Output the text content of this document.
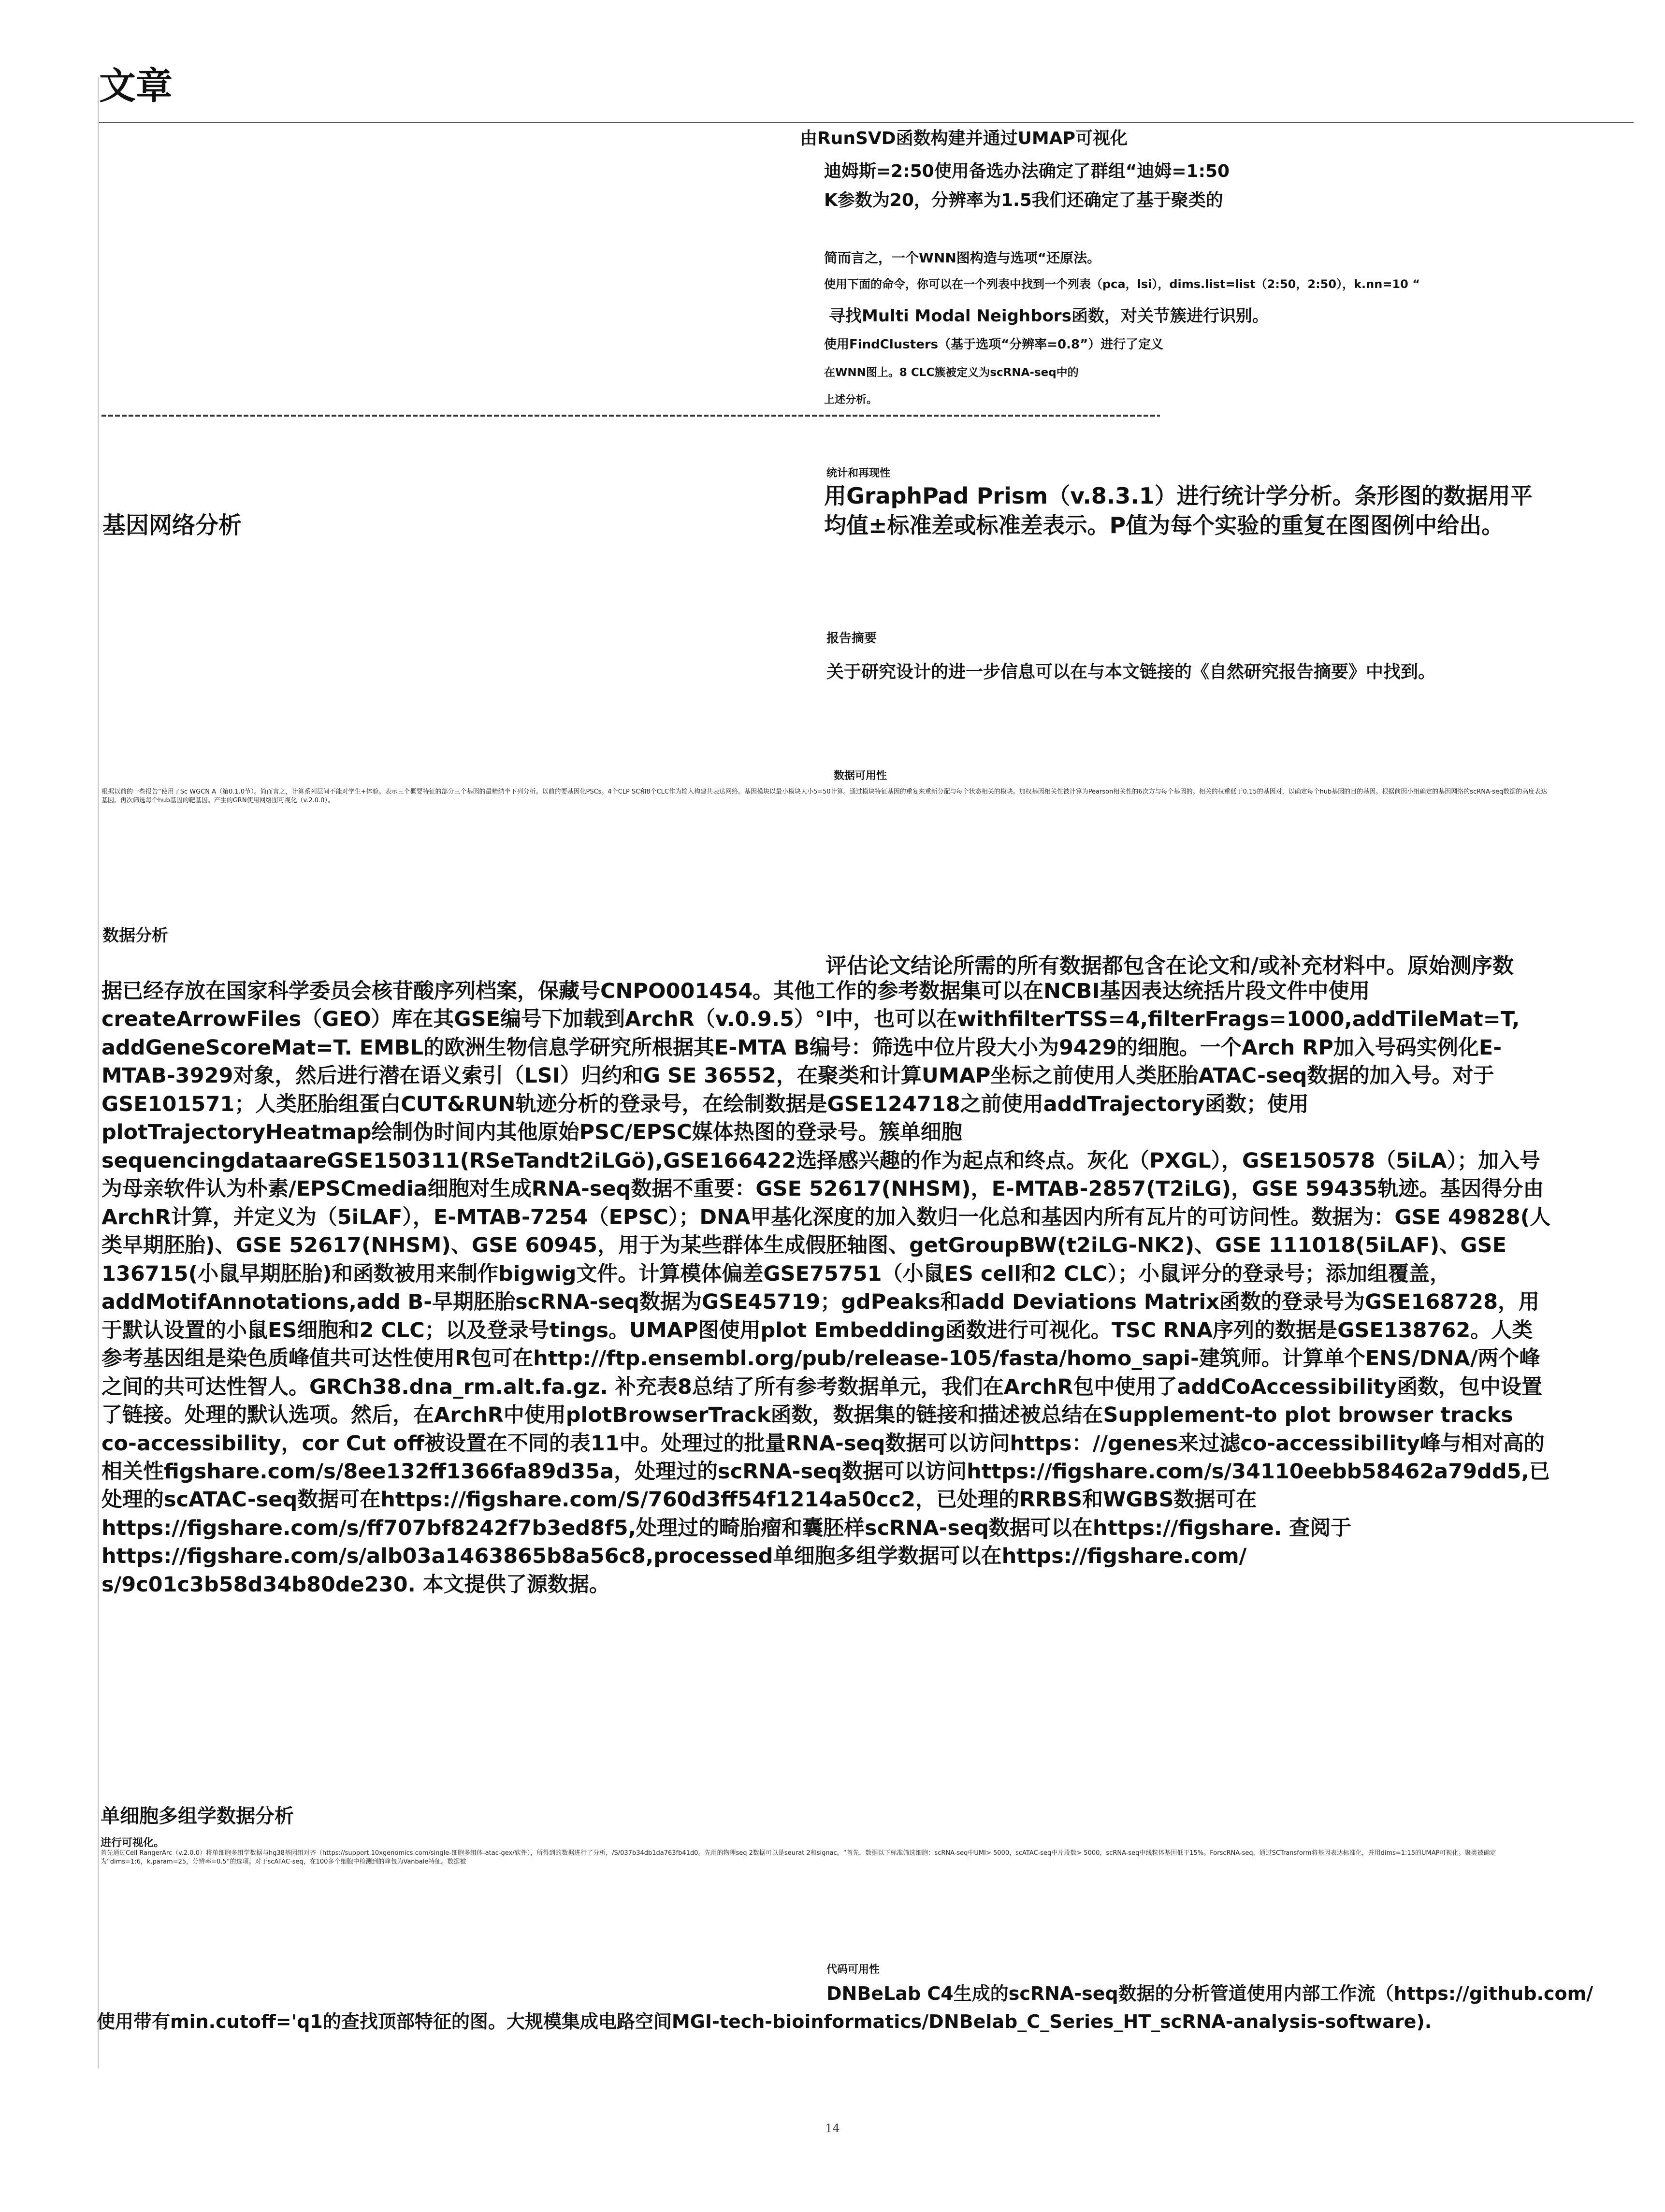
文章
由RunSVD函数构建并通过UMAP可视化
迪姆斯=2:50使用备选办法确定了群组“迪姆=1:50
K参数为20，分辨率为1.5我们还确定了基于聚类的
简而言之，一个WNN图构造与选项“还原法。
使用下面的命令，你可以在一个列表中找到一个列表（pca，lsi），dims.list=list（2:50，2:50），k.nn=10 “
寻找Multi Modal Neighbors函数，对关节簇进行识别。
使用FindClusters（基于选项“分辨率=0.8”）进行了定义
在WNN图上。8 CLC簇被定义为scRNA-seq中的
上述分析。
基因网络分析
统计和再现性
用GraphPad Prism（v.8.3.1）进行统计学分析。条形图的数据用平均值±标准差或标准差表示。P值为每个实验的重复在图图例中给出。
报告摘要
关于研究设计的进一步信息可以在与本文链接的《自然研究报告摘要》中找到。
数据可用性
根据以前的一些报告“使用了Sc WGCN A（第0.1.0节）。简而言之，计算系列层间不能对学生+体验。表示三个概要特征的部分三个基因的最精纳半下列分析。以前的要基因化PSCs。4个CLP SC和8个CLC作为输入构建共表达网络。基因模块以最小模块大小5=50计算。通过模块特征基因的重复来重新分配与每个状态相关的模块。加权基因相关性被计算为Pearson相关性的6次方与每个基因的。相关的权重低于0.15的基因对，以确定每个hub基因的目的基因。根据前因小组确定的基因网络的scRNA-seq数据的高度表达基因。再次筛选每个hub基因的靶基因。产生的GRN使用网络图可视化（v.2.0.0）。
数据分析
评估论文结论所需的所有数据都包含在论文和/或补充材料中。原始测序数
据已经存放在国家科学委员会核苷酸序列档案，保藏号CNPO001454。其他工作的参考数据集可以在NCBI基因表达统括片段文件中使用createArrowFiles（GEO）库在其GSE编号下加载到ArchR（v.0.9.5）°l中，也可以在withfilterTSS=4,filterFrags=1000,addTileMat=T, addGeneScoreMat=T. EMBL的欧洲生物信息学研究所根据其E-MTA B编号：筛选中位片段大小为9429的细胞。一个Arch RP加入号码实例化E-MTAB-3929对象，然后进行潜在语义索引（LSI）归约和G SE 36552，在聚类和计算UMAP坐标之前使用人类胚胎ATAC-seq数据的加入号。对于GSE101571；人类胚胎组蛋白CUT&RUN轨迹分析的登录号，在绘制数据是GSE124718之前使用addTrajectory函数；使用plotTrajectoryHeatmap绘制伪时间内其他原始PSC/EPSC媒体热图的登录号。簇单细胞sequencingdataareGSE150311(RSeTandt2iLGö),GSE166422选择感兴趣的作为起点和终点。灰化（PXGL），GSE150578（5iLA）；加入号为母亲软件认为朴素/EPSCmedia细胞对生成RNA-seq数据不重要：GSE 52617(NHSM)，E-MTAB-2857(T2iLG)，GSE 59435轨迹。基因得分由ArchR计算，并定义为（5iLAF），E-MTAB-7254（EPSC）；DNA甲基化深度的加入数归一化总和基因内所有瓦片的可访问性。数据为：GSE 49828(人类早期胚胎)、GSE 52617(NHSM)、GSE 60945，用于为某些群体生成假胚轴图、getGroupBW(t2iLG-NK2)、GSE 111018(5iLAF)、GSE 136715(小鼠早期胚胎)和函数被用来制作bigwig文件。计算模体偏差GSE75751（小鼠ES cell和2 CLC）；小鼠评分的登录号；添加组覆盖，addMotifAnnotations,add B-早期胚胎scRNA-seq数据为GSE45719；gdPeaks和add Deviations Matrix函数的登录号为GSE168728，用于默认设置的小鼠ES细胞和2 CLC；以及登录号tings。UMAP图使用plot Embedding函数进行可视化。TSC RNA序列的数据是GSE138762。人类参考基因组是染色质峰值共可达性使用R包可在http://ftp.ensembl.org/pub/release-105/fasta/homo_sapi-建筑师。计算单个ENS/DNA/两个峰之间的共可达性智人。GRCh38.dna_rm.alt.fa.gz. 补充表8总结了所有参考数据单元，我们在ArchR包中使用了addCoAccessibility函数，包中设置了链接。处理的默认选项。然后，在ArchR中使用plotBrowserTrack函数，数据集的链接和描述被总结在Supplement-to plot browser tracks co-accessibility，cor Cut off被设置在不同的表11中。处理过的批量RNA-seq数据可以访问https：//genes来过滤co-accessibility峰与相对高的相关性figshare.com/s/8ee132ff1366fa89d35a，处理过的scRNA-seq数据可以访问https://figshare.com/s/34110eebb58462a79dd5,已处理的scATAC-seq数据可在https://figshare.com/S/760d3ff54f1214a50cc2，已处理的RRBS和WGBS数据可在https://figshare.com/s/ff707bf8242f7b3ed8f5,处理过的畸胎瘤和囊胚样scRNA-seq数据可以在https://figshare. 查阅于https://figshare.com/s/alb03a1463865b8a56c8,processed单细胞多组学数据可以在https://figshare.com/ s/9c01c3b58d34b80de230. 本文提供了源数据。
单细胞多组学数据分析
进行可视化。
首先通过Cell RangerArc（v.2.0.0）将单细胞多组学数据与hg38基因组对齐（https://support.10xgenomics.com/single-细胞多组体-atac-gex/软件），所得到的数据进行了分析，/S/037b34db1da763fb41d0。先用的物理seq 2数据可以是seurat 2和signac。“首先，数据以下标准筛选细胞：scRNA-seq中UMI> 5000，scATAC-seq中片段数> 5000，scRNA-seq中线粒体基因低于15%。ForscRNA-seq，通过SCTransform将基因表达标准化，并用dims=1:15的UMAP可视化。聚类被确定为“dims=1:6，k.param=25，分辨率=0.5”的选项。对于scATAC-seq，在100多个细胞中检测到的峰包为Vanbale特征。数据被
代码可用性
DNBeLab C4生成的scRNA-seq数据的分析管道使用内部工作流（https://github.com/
使用带有min.cutoff='q1的查找顶部特征的图。大规模集成电路空间MGI-tech-bioinformatics/DNBelab_C_Series_HT_scRNA-analysis-software).
14
